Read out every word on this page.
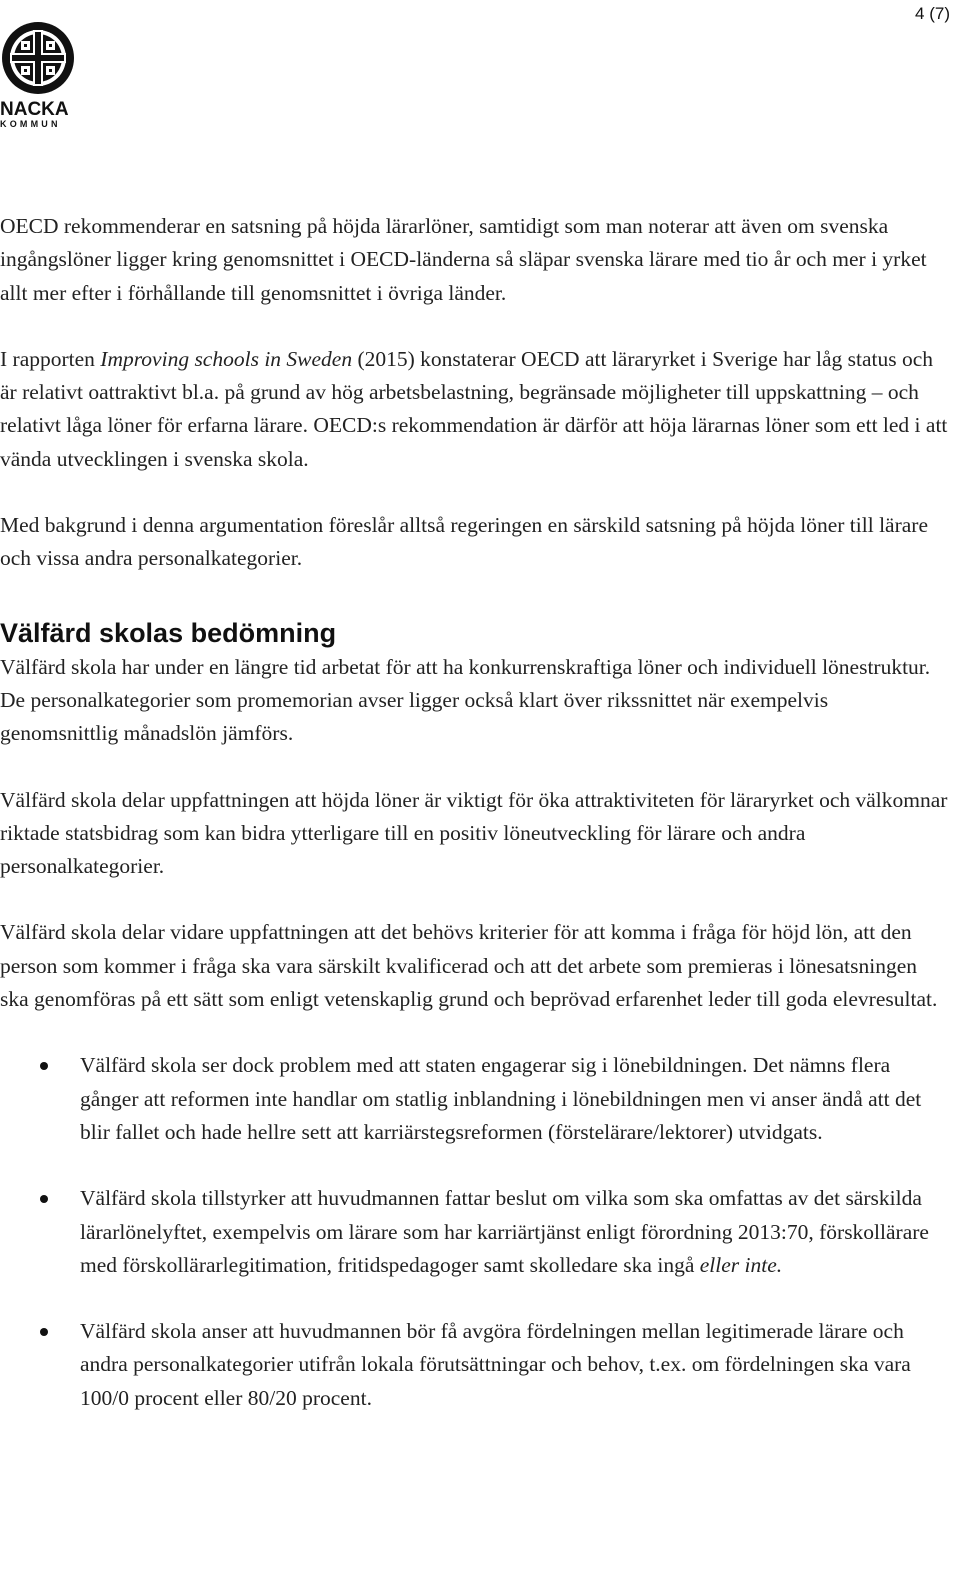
4 (7)
NACKA
KOMMUN

OECD rekommenderar en satsning på höjda lärarlöner, samtidigt som man noterar att även om svenska ingångslöner ligger kring genomsnittet i OECD-länderna så släpar svenska lärare med tio år och mer i yrket allt mer efter i förhållande till genomsnittet i övriga länder.

I rapporten Improving schools in Sweden (2015) konstaterar OECD att läraryrket i Sverige har låg status och är relativt oattraktivt bl.a. på grund av hög arbetsbelastning, begränsade möjligheter till uppskattning – och relativt låga löner för erfarna lärare. OECD:s rekommendation är därför att höja lärarnas löner som ett led i att vända utvecklingen i svenska skola.

Med bakgrund i denna argumentation föreslår alltså regeringen en särskild satsning på höjda löner till lärare och vissa andra personalkategorier.

Välfärd skolas bedömning

Välfärd skola har under en längre tid arbetat för att ha konkurrenskraftiga löner och individuell lönestruktur. De personalkategorier som promemorian avser ligger också klart över rikssnittet när exempelvis genomsnittlig månadslön jämförs.

Välfärd skola delar uppfattningen att höjda löner är viktigt för öka attraktiviteten för läraryrket och välkomnar riktade statsbidrag som kan bidra ytterligare till en positiv löneutveckling för lärare och andra personalkategorier.

Välfärd skola delar vidare uppfattningen att det behövs kriterier för att komma i fråga för höjd lön, att den person som kommer i fråga ska vara särskilt kvalificerad och att det arbete som premieras i lönesatsningen ska genomföras på ett sätt som enligt vetenskaplig grund och beprövad erfarenhet leder till goda elevresultat.

Välfärd skola ser dock problem med att staten engagerar sig i lönebildningen. Det nämns flera gånger att reformen inte handlar om statlig inblandning i lönebildningen men vi anser ändå att det blir fallet och hade hellre sett att karriärstegsreformen (förstelärare/lektorer) utvidgats.
Välfärd skola tillstyrker att huvudmannen fattar beslut om vilka som ska omfattas av det särskilda lärarlönelyftet, exempelvis om lärare som har karriärtjänst enligt förordning 2013:70, förskollärare med förskollärarlegitimation, fritidspedagoger samt skolledare ska ingå eller inte.
Välfärd skola anser att huvudmannen bör få avgöra fördelningen mellan legitimerade lärare och andra personalkategorier utifrån lokala förutsättningar och behov, t.ex. om fördelningen ska vara 100/0 procent eller 80/20 procent.
